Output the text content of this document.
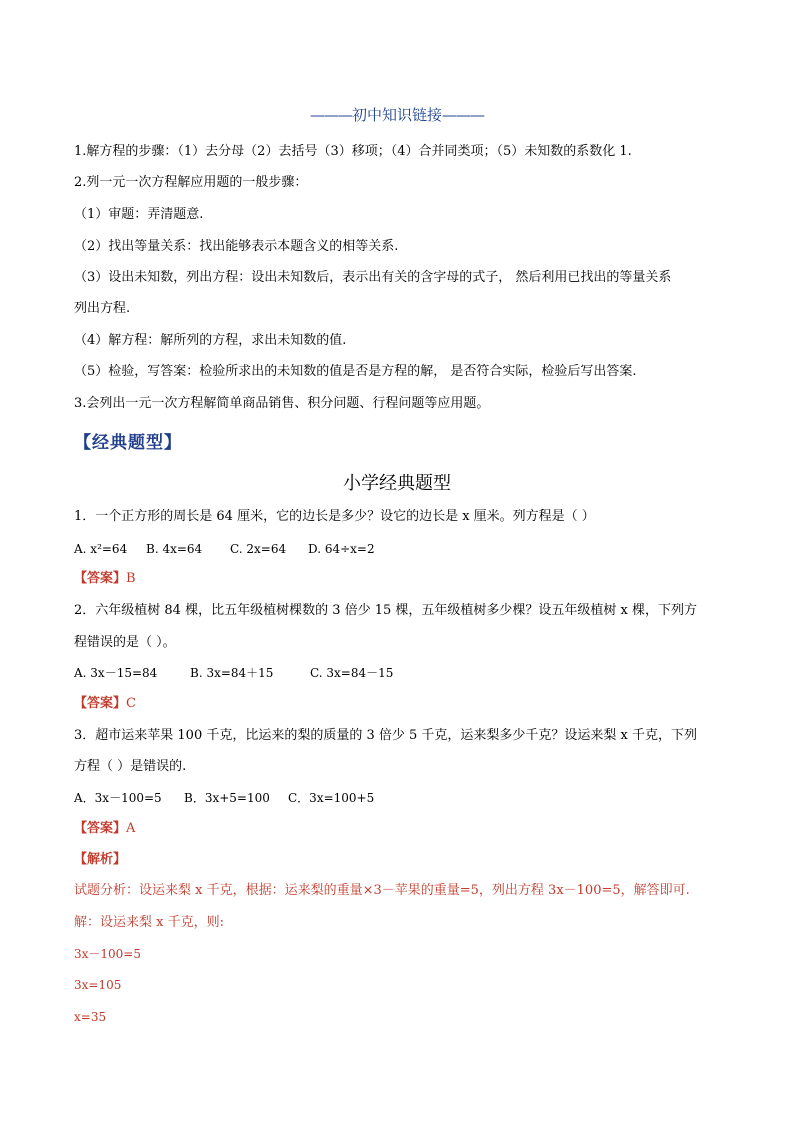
———初中知识链接———
1.解方程的步骤：（1）去分母（2）去括号（3）移项；（4）合并同类项；（5）未知数的系数化 1.
2.列一元一次方程解应用题的一般步骤：
（1）审题：弄清题意.
（2）找出等量关系：找出能够表示本题含义的相等关系.
（3）设出未知数，列出方程：设出未知数后，表示出有关的含字母的式子， 然后利用已找出的等量关系
列出方程.
（4）解方程：解所列的方程，求出未知数的值.
（5）检验，写答案：检验所求出的未知数的值是否是方程的解， 是否符合实际，检验后写出答案.
3.会列出一元一次方程解简单商品销售、积分问题、行程问题等应用题。
【经典题型】
小学经典题型
1．一个正方形的周长是 64 厘米，它的边长是多少？设它的边长是 x 厘米。列方程是（ ）
A. x²=64 B. 4x=64 C. 2x=64 D. 64÷x=2
【答案】B
2．六年级植树 84 棵，比五年级植树棵数的 3 倍少 15 棵，五年级植树多少棵？设五年级植树 x 棵，下列方
程错误的是（ ）。
A. 3x－15=84	B. 3x=84＋15	C. 3x=84－15
【答案】C
3．超市运来苹果 100 千克，比运来的梨的质量的 3 倍少 5 千克，运来梨多少千克？设运来梨 x 千克，下列
方程（ ）是错误的.
A．3x－100=5 B．3x+5=100 C．3x=100+5
【答案】A
【解析】
试题分析：设运来梨 x 千克，根据：运来梨的重量×3－苹果的重量=5，列出方程 3x－100=5，解答即可.
解：设运来梨 x 千克，则:
3x－100=5
3x=105
x=35
